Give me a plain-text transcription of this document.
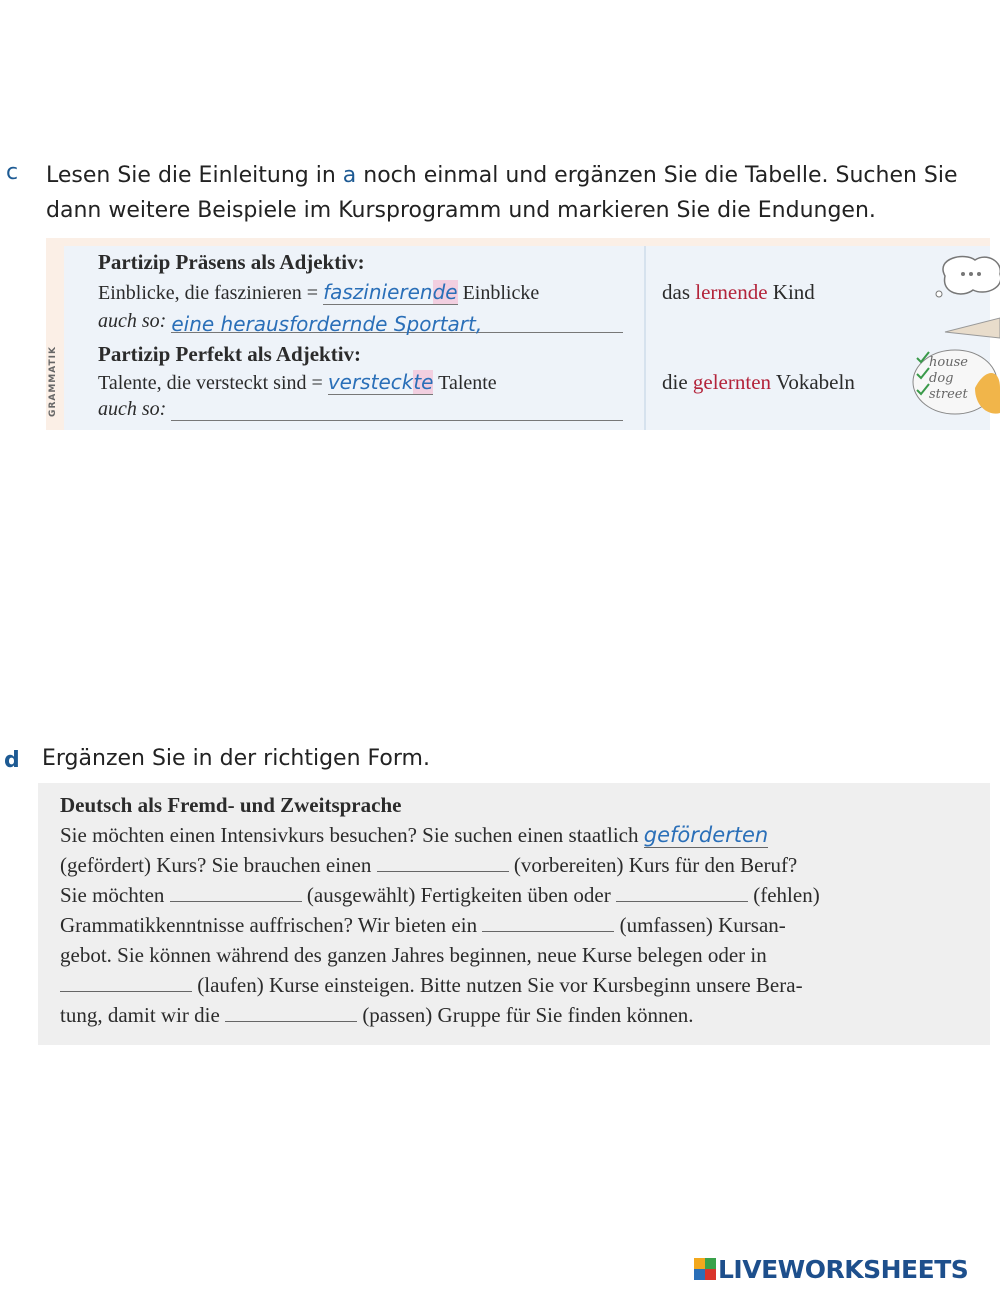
c Lesen Sie die Einleitung in a noch einmal und ergänzen Sie die Tabelle. Suchen Sie dann weitere Beispiele im Kursprogramm und markieren Sie die Endungen.
GRAMMATIK
Partizip Präsens als Adjektiv:
Einblicke, die faszinieren = faszinierende Einblicke
auch so: eine herausfordernde Sportart,
das lernende Kind
Partizip Perfekt als Adjektiv:
Talente, die versteckt sind = versteckte Talente
auch so:
die gelernten Vokabeln
house
dog
street
d Ergänzen Sie in der richtigen Form.
Deutsch als Fremd- und Zweitsprache
Sie möchten einen Intensivkurs besuchen? Sie suchen einen staatlich geförderten
(gefördert) Kurs? Sie brauchen einen	(vorbereiten) Kurs für den Beruf?
Sie möchten	(ausgewählt) Fertigkeiten üben oder	(fehlen)
Grammatikkenntnisse auffrischen? Wir bieten ein	(umfassen) Kursan-
gebot. Sie können während des ganzen Jahres beginnen, neue Kurse belegen oder in
(laufen) Kurse einsteigen. Bitte nutzen Sie vor Kursbeginn unsere Bera-
tung, damit wir die	(passen) Gruppe für Sie finden können.
LIVEWORKSHEETS
